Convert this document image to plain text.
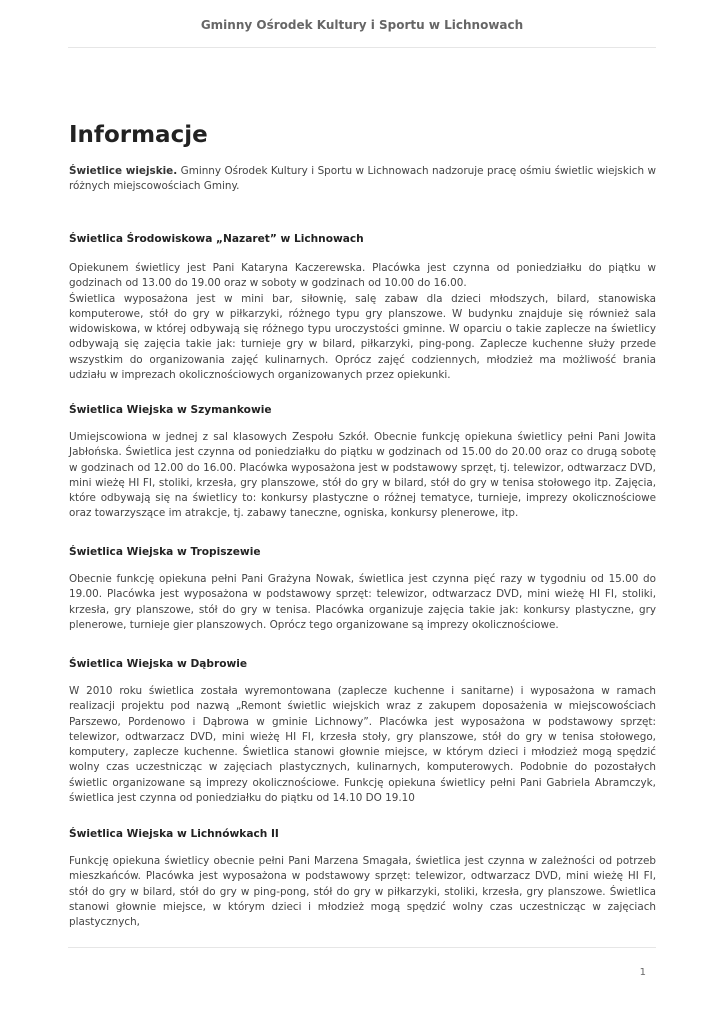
Gminny Ośrodek Kultury i Sportu w Lichnowach
Informacje
Świetlice wiejskie. Gminny Ośrodek Kultury i Sportu w Lichnowach nadzoruje pracę ośmiu świetlic wiejskich w różnych miejscowościach Gminy.
Świetlica Środowiskowa „Nazaret” w Lichnowach

Opiekunem świetlicy jest Pani Kataryna Kaczerewska. Placówka jest czynna od poniedziałku do piątku w godzinach od 13.00 do 19.00 oraz w soboty w godzinach od 10.00 do 16.00.

Świetlica wyposażona jest w mini bar, siłownię, salę zabaw dla dzieci młodszych, bilard, stanowiska komputerowe, stół do gry w piłkarzyki, różnego typu gry planszowe. W budynku znajduje się również sala widowiskowa, w której odbywają się różnego typu uroczystości gminne. W oparciu o takie zaplecze na świetlicy odbywają się zajęcia takie jak: turnieje gry w bilard, piłkarzyki, ping-pong. Zaplecze kuchenne służy przede wszystkim do organizowania zajęć kulinarnych. Oprócz zajęć codziennych, młodzież ma możliwość brania udziału w imprezach okolicznościowych organizowanych przez opiekunki.

Świetlica Wiejska w Szymankowie

Umiejscowiona w jednej z sal klasowych Zespołu Szkół. Obecnie funkcję opiekuna świetlicy pełni Pani Jowita Jabłońska. Świetlica jest czynna od poniedziałku do piątku w godzinach od 15.00 do 20.00 oraz co drugą sobotę w godzinach od 12.00 do 16.00. Placówka wyposażona jest w podstawowy sprzęt, tj. telewizor, odtwarzacz DVD, mini wieżę HI FI, stoliki, krzesła, gry planszowe, stół do gry w bilard, stół do gry w tenisa stołowego itp. Zajęcia, które odbywają się na świetlicy to: konkursy plastyczne o różnej tematyce, turnieje, imprezy okolicznościowe oraz towarzyszące im atrakcje, tj. zabawy taneczne, ogniska, konkursy plenerowe, itp.

Świetlica Wiejska w Tropiszewie

Obecnie funkcję opiekuna pełni Pani Grażyna Nowak, świetlica jest czynna pięć razy w tygodniu od 15.00 do 19.00. Placówka jest wyposażona w podstawowy sprzęt: telewizor, odtwarzacz DVD, mini wieżę HI FI, stoliki, krzesła, gry planszowe, stół do gry w tenisa. Placówka organizuje zajęcia takie jak: konkursy plastyczne, gry plenerowe, turnieje gier planszowych. Oprócz tego organizowane są imprezy okolicznościowe.

Świetlica Wiejska w Dąbrowie

W 2010 roku świetlica została wyremontowana (zaplecze kuchenne i sanitarne) i wyposażona w ramach realizacji projektu pod nazwą „Remont świetlic wiejskich wraz z zakupem doposażenia w miejscowościach Parszewo, Pordenowo i Dąbrowa w gminie Lichnowy”. Placówka jest wyposażona w podstawowy sprzęt: telewizor, odtwarzacz DVD, mini wieżę HI FI, krzesła stoły, gry planszowe, stół do gry w tenisa stołowego, komputery, zaplecze kuchenne. Świetlica stanowi głownie miejsce, w którym dzieci i młodzież mogą spędzić wolny czas uczestnicząc w zajęciach plastycznych, kulinarnych, komputerowych. Podobnie do pozostałych świetlic organizowane są imprezy okolicznościowe. Funkcję opiekuna świetlicy pełni Pani Gabriela Abramczyk, świetlica jest czynna od poniedziałku do piątku od 14.10 DO 19.10

Świetlica Wiejska w Lichnówkach II

Funkcję opiekuna świetlicy obecnie pełni Pani Marzena Smagała, świetlica jest czynna w zależności od potrzeb mieszkańców. Placówka jest wyposażona w podstawowy sprzęt: telewizor, odtwarzacz DVD, mini wieżę HI FI, stół do gry w bilard, stół do gry w ping-pong, stół do gry w piłkarzyki, stoliki, krzesła, gry planszowe. Świetlica stanowi głownie miejsce, w którym dzieci i młodzież mogą spędzić wolny czas uczestnicząc w zajęciach plastycznych,

1
